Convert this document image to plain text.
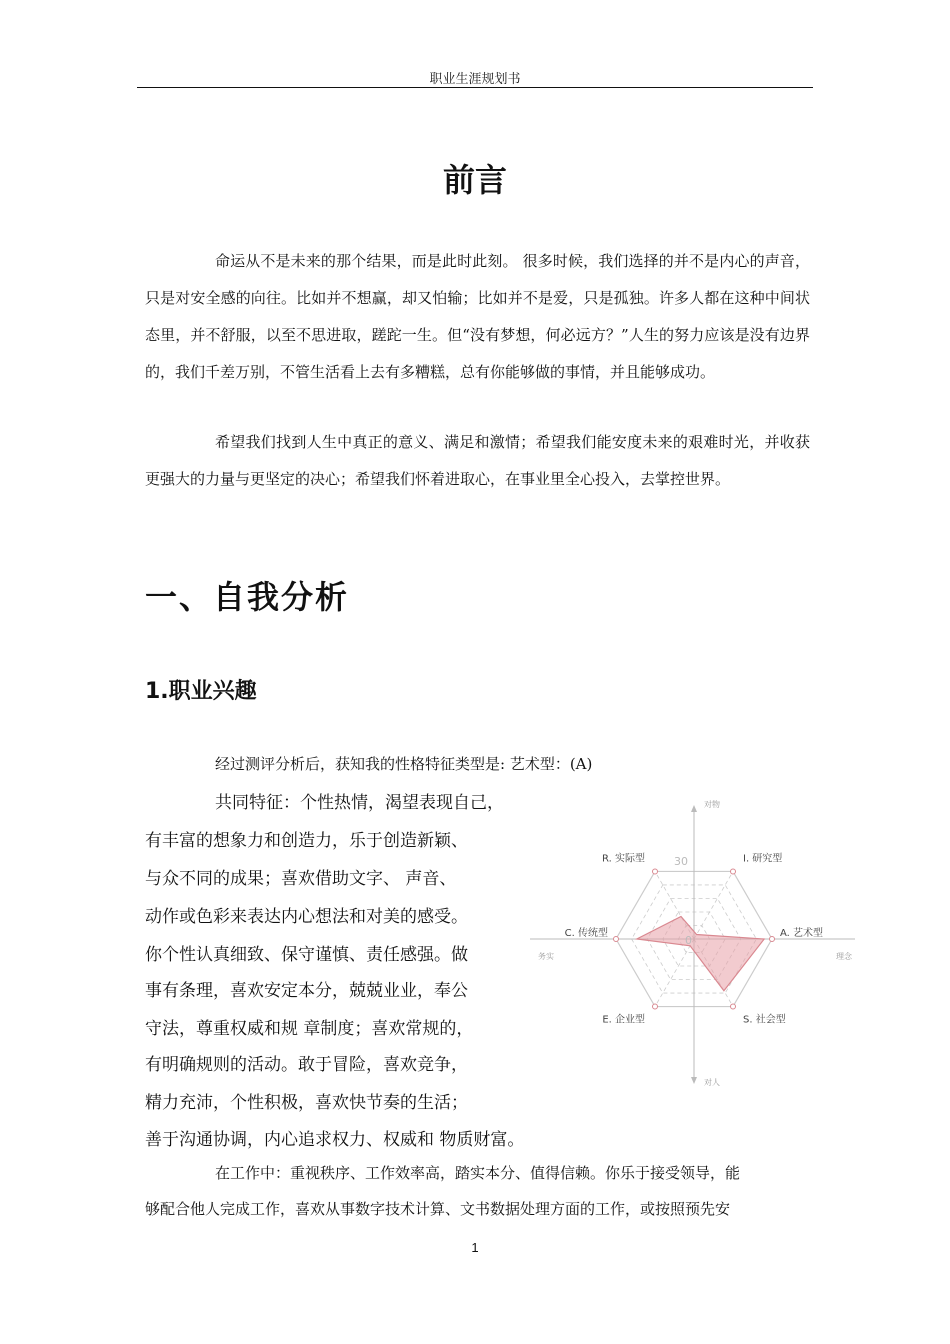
职业生涯规划书
前言

命运从不是未来的那个结果，而是此时此刻。 很多时候，我们选择的并不是内心的声音，只是对安全感的向往。比如并不想赢，却又怕输；比如并不是爱，只是孤独。许多人都在这种中间状态里，并不舒服，以至不思进取，蹉跎一生。但“没有梦想，何必远方？”人生的努力应该是没有边界的，我们千差万别，不管生活看上去有多糟糕，总有你能够做的事情，并且能够成功。

希望我们找到人生中真正的意义、满足和激情；希望我们能安度未来的艰难时光，并收获更强大的力量与更坚定的决心；希望我们怀着进取心，在事业里全心投入，去掌控世界。

一、自我分析
1.职业兴趣
经过测评分析后，获知我的性格特征类型是: 艺术型：(A)
共同特征：个性热情，渴望表现自己，
有丰富的想象力和创造力，乐于创造新颖、
与众不同的成果；喜欢借助文字、 声音、
动作或色彩来表达内心想法和对美的感受。
你个性认真细致、保守谨慎、责任感强。做
事有条理，喜欢安定本分，兢兢业业，奉公
守法，尊重权威和规 章制度；喜欢常规的，
有明确规则的活动。敢于冒险，喜欢竞争，
精力充沛，个性积极，喜欢快节奏的生活；
善于沟通协调，内心追求权力、权威和 物质财富。
在工作中：重视秩序、工作效率高，踏实本分、值得信赖。你乐于接受领导，能
够配合他人完成工作，喜欢从事数字技术计算、文书数据处理方面的工作，或按照预先安
R. 实际型	I. 研究型
A. 艺术型
S. 社会型
E. 企业型
C. 传统型
30
0
对物
对人
务实	理念
1
